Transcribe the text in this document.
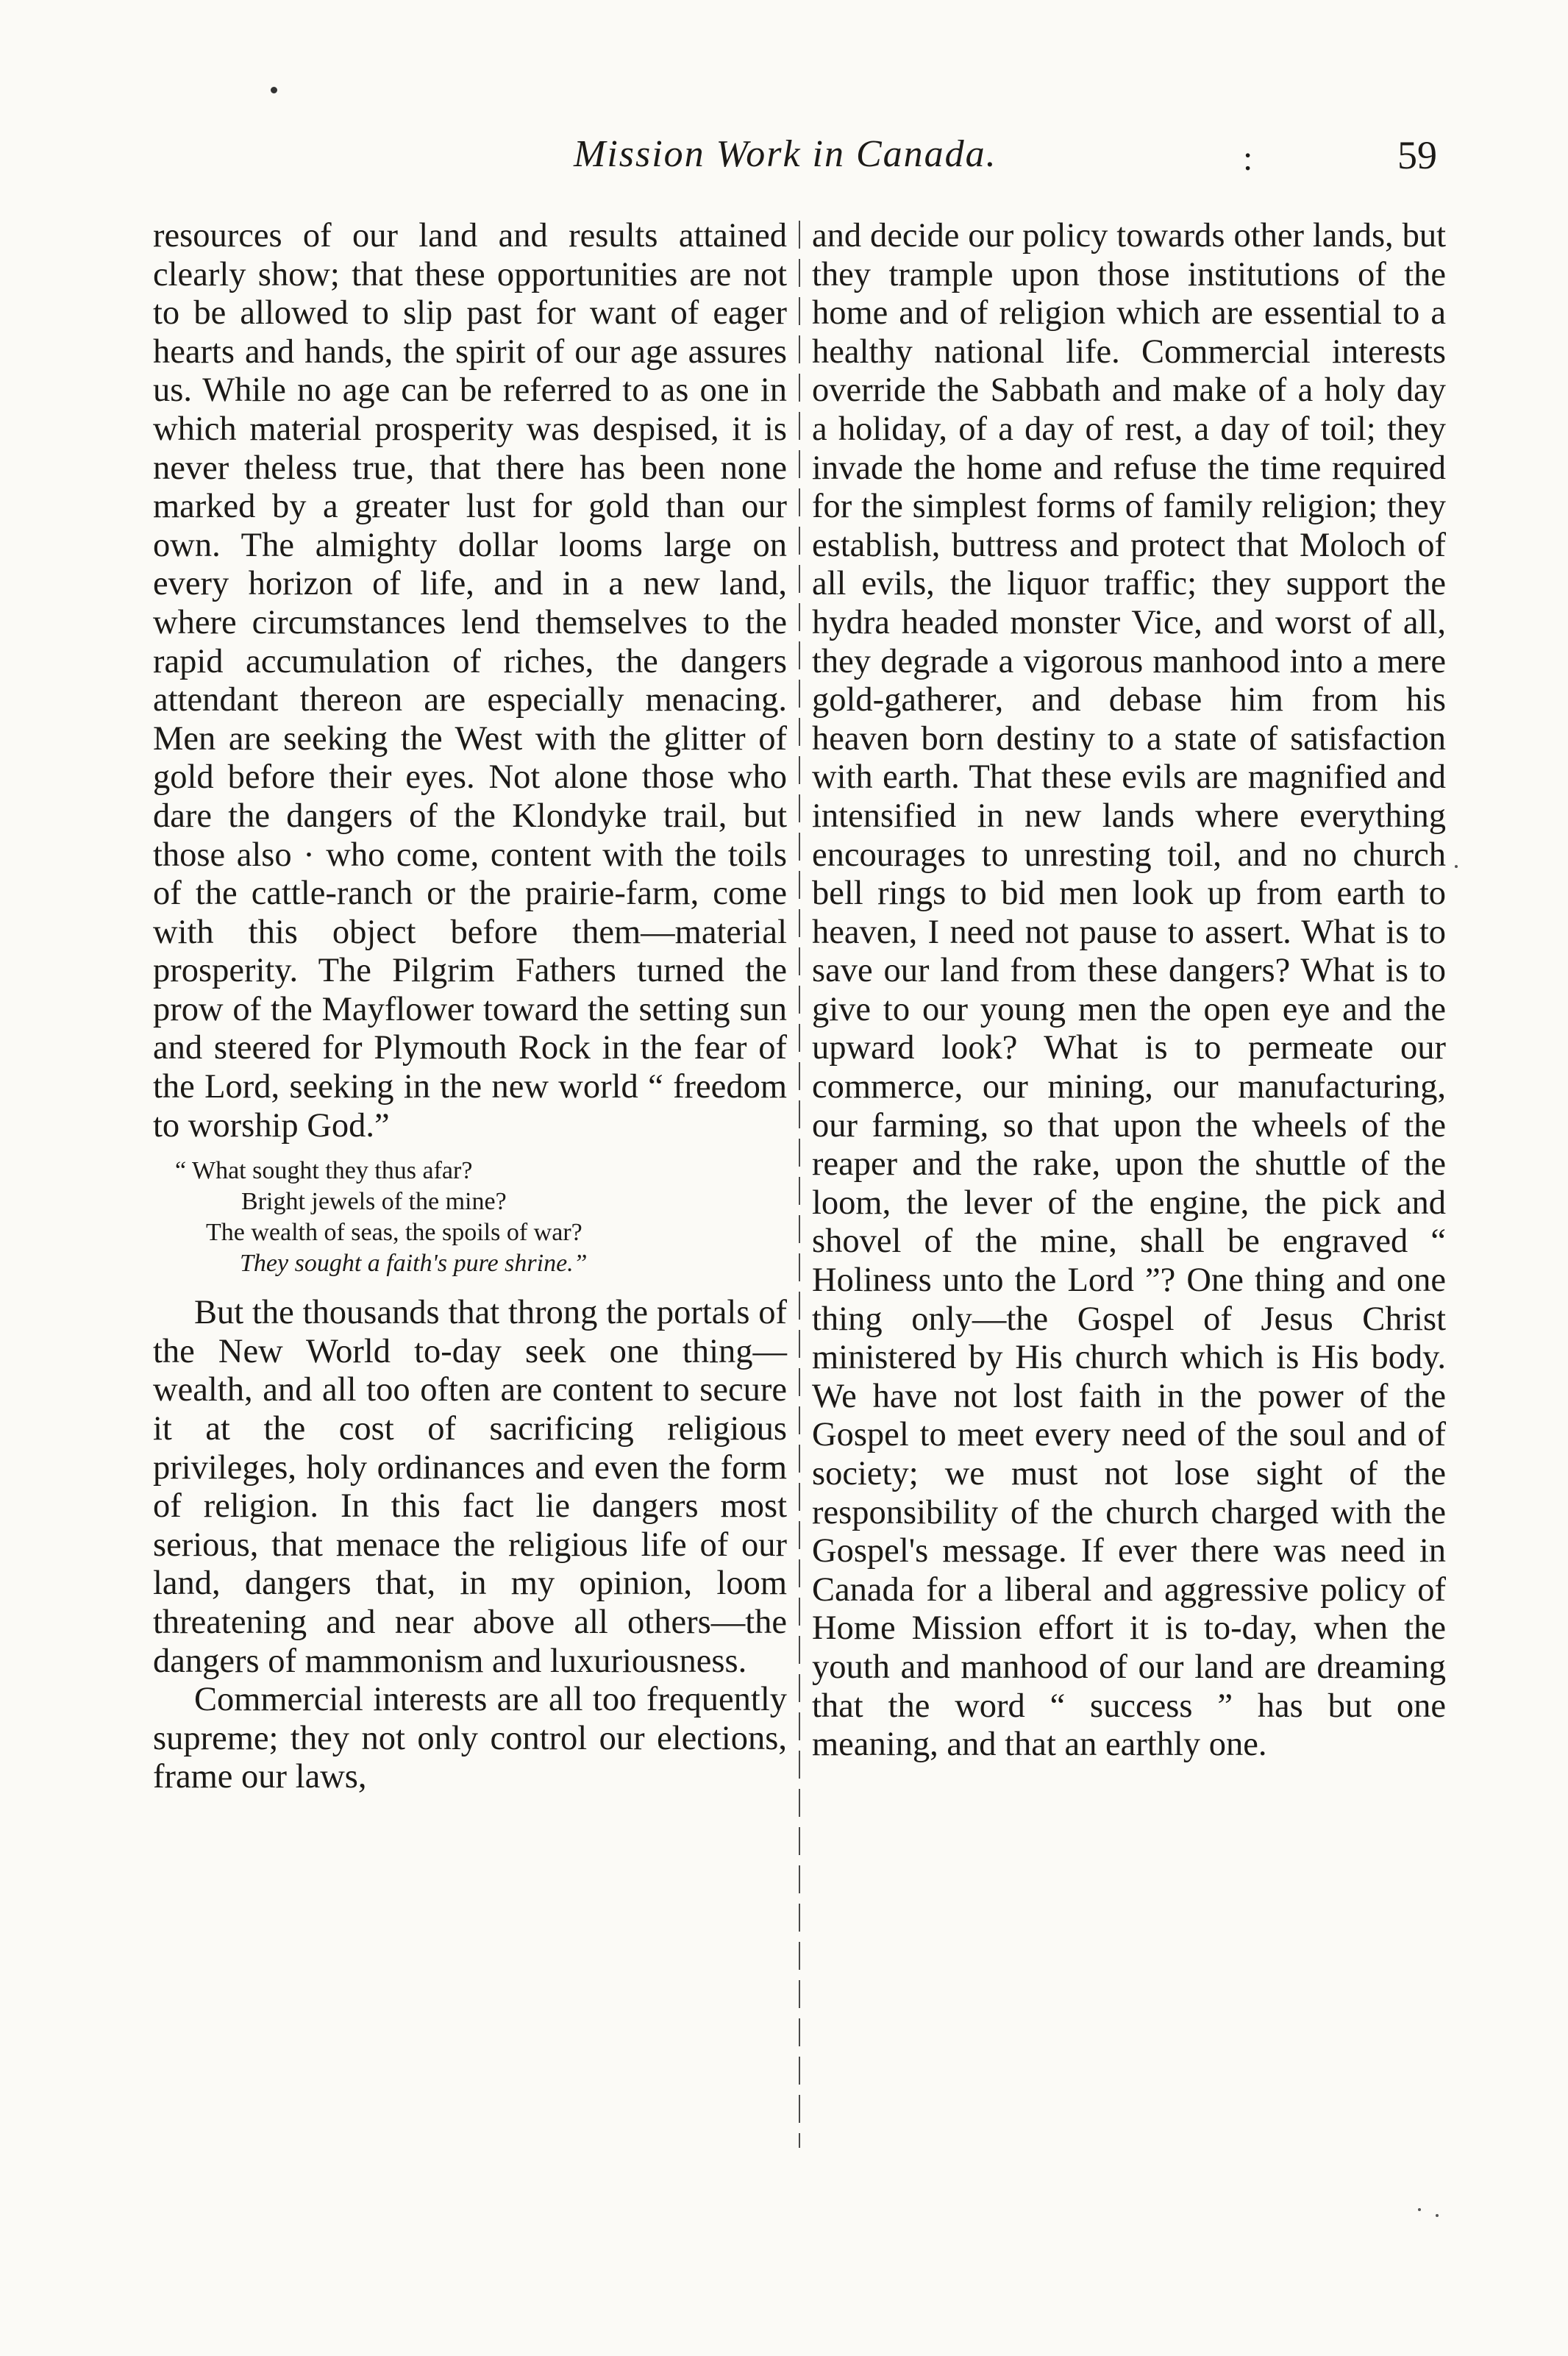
Mission Work in Canada.	:	59

resources of our land and results attained clearly show; that these opportunities are not to be allowed to slip past for want of eager hearts and hands, the spirit of our age assures us. While no age can be referred to as one in which material prosperity was despised, it is never theless true, that there has been none marked by a greater lust for gold than our own. The almighty dollar looms large on every horizon of life, and in a new land, where circumstances lend themselves to the rapid accumulation of riches, the dangers attendant thereon are especially menacing. Men are seeking the West with the glitter of gold before their eyes. Not alone those who dare the dangers of the Klondyke trail, but those also · who come, content with the toils of the cattle-ranch or the prairie-farm, come with this object before them—material prosperity. The Pilgrim Fathers turned the prow of the Mayflower toward the setting sun and steered for Plymouth Rock in the fear of the Lord, seeking in the new world “ freedom to worship God.”

“ What sought they thus afar?
Bright jewels of the mine?
The wealth of seas, the spoils of war?
They sought a faith's pure shrine.”

But the thousands that throng the portals of the New World to-day seek one thing—wealth, and all too often are content to secure it at the cost of sacrificing religious privileges, holy ordinances and even the form of religion. In this fact lie dangers most serious, that menace the religious life of our land, dangers that, in my opinion, loom threatening and near above all others—the dangers of mammonism and luxuriousness.

Commercial interests are all too frequently supreme; they not only control our elections, frame our laws,

and decide our policy towards other lands, but they trample upon those institutions of the home and of religion which are essential to a healthy national life. Commercial interests override the Sabbath and make of a holy day a holiday, of a day of rest, a day of toil; they invade the home and refuse the time required for the simplest forms of family religion; they establish, buttress and protect that Moloch of all evils, the liquor traffic; they support the hydra headed monster Vice, and worst of all, they degrade a vigorous manhood into a mere gold-gatherer, and debase him from his heaven born destiny to a state of satisfaction with earth. That these evils are magnified and intensified in new lands where everything encourages to unresting toil, and no church bell rings to bid men look up from earth to heaven, I need not pause to assert. What is to save our land from these dangers? What is to give to our young men the open eye and the upward look? What is to permeate our commerce, our mining, our manufacturing, our farming, so that upon the wheels of the reaper and the rake, upon the shuttle of the loom, the lever of the engine, the pick and shovel of the mine, shall be engraved “ Holiness unto the Lord ”? One thing and one thing only—the Gospel of Jesus Christ ministered by His church which is His body. We have not lost faith in the power of the Gospel to meet every need of the soul and of society; we must not lose sight of the responsibility of the church charged with the Gospel's message. If ever there was need in Canada for a liberal and aggressive policy of Home Mission effort it is to-day, when the youth and manhood of our land are dreaming that the word “ success ” has but one meaning, and that an earthly one.
